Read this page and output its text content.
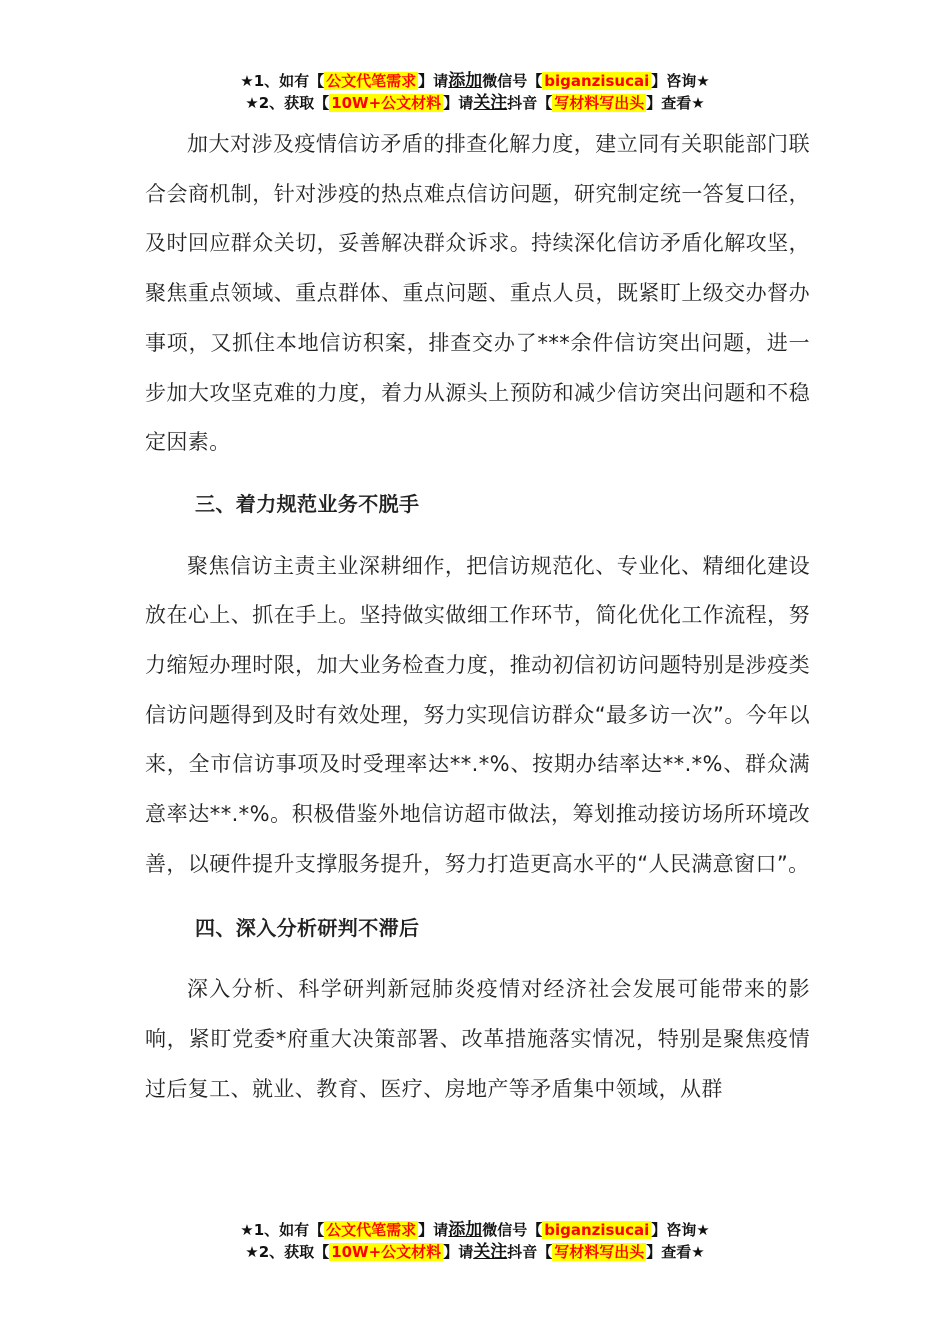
★1、如有【 公文代笔需求 】请添加微信号【 biganzisucai 】咨询★
★2、获取【 10W+公文材料 】请关注抖音【 写材料写出头 】查看★

加大对涉及疫情信访矛盾的排查化解力度，建立同有关职能部门联合会商机制，针对涉疫的热点难点信访问题，研究制定统一答复口径，及时回应群众关切，妥善解决群众诉求。持续深化信访矛盾化解攻坚，聚焦重点领域、重点群体、重点问题、重点人员，既紧盯上级交办督办事项，又抓住本地信访积案，排查交办了***余件信访突出问题，进一步加大攻坚克难的力度，着力从源头上预防和减少信访突出问题和不稳定因素。

三、着力规范业务不脱手

聚焦信访主责主业深耕细作，把信访规范化、专业化、精细化建设放在心上、抓在手上。坚持做实做细工作环节，简化优化工作流程，努力缩短办理时限，加大业务检查力度，推动初信初访问题特别是涉疫类信访问题得到及时有效处理，努力实现信访群众“最多访一次”。今年以来，全市信访事项及时受理率达**.*%、按期办结率达**.*%、群众满意率达**.*%。积极借鉴外地信访超市做法，筹划推动接访场所环境改善，以硬件提升支撑服务提升，努力打造更高水平的“人民满意窗口”。

四、深入分析研判不滞后

深入分析、科学研判新冠肺炎疫情对经济社会发展可能带来的影响，紧盯党委*府重大决策部署、改革措施落实情况，特别是聚焦疫情过后复工、就业、教育、医疗、房地产等矛盾集中领域，从群

★1、如有【 公文代笔需求 】请添加微信号【 biganzisucai 】咨询★
★2、获取【 10W+公文材料 】请关注抖音【 写材料写出头 】查看★
